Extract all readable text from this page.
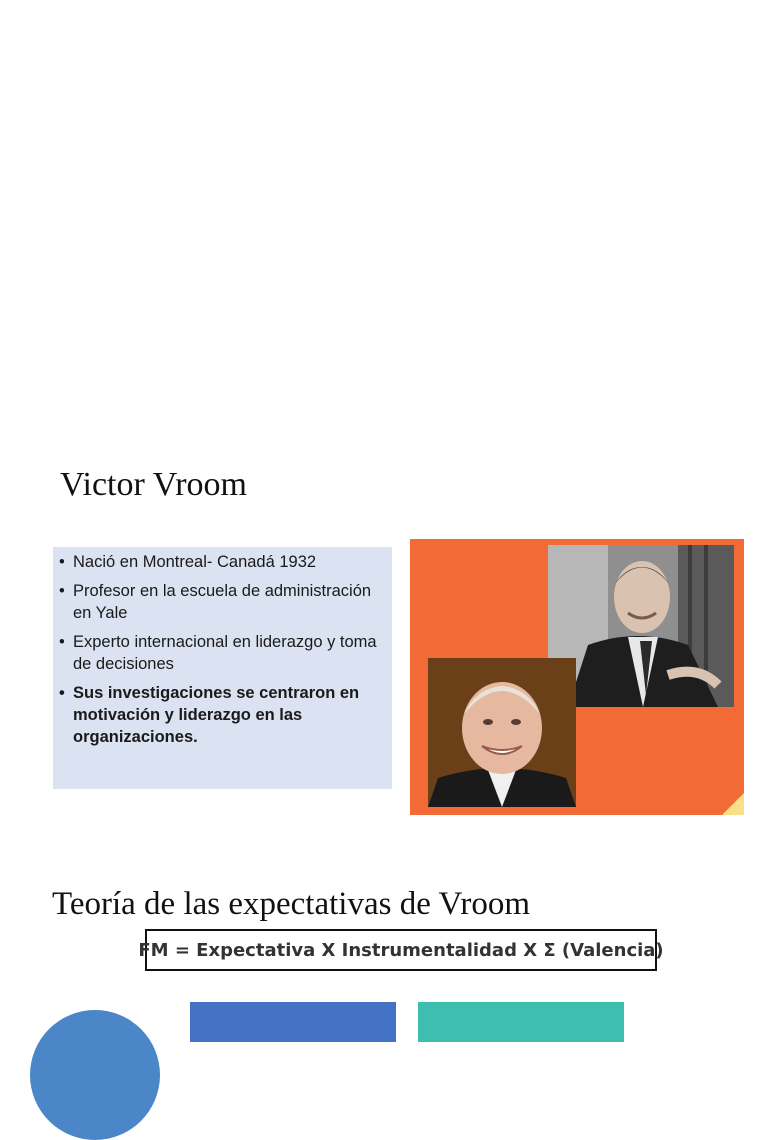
Victor Vroom
• Nació en Montreal- Canadá 1932
• Profesor en la escuela de administración en Yale
• Experto internacional en liderazgo y toma de decisiones
• Sus investigaciones se centraron en motivación y liderazgo en las organizaciones.
Teoría de las expectativas de Vroom
FM = Expectativa X Instrumentalidad X Σ (Valencia)
